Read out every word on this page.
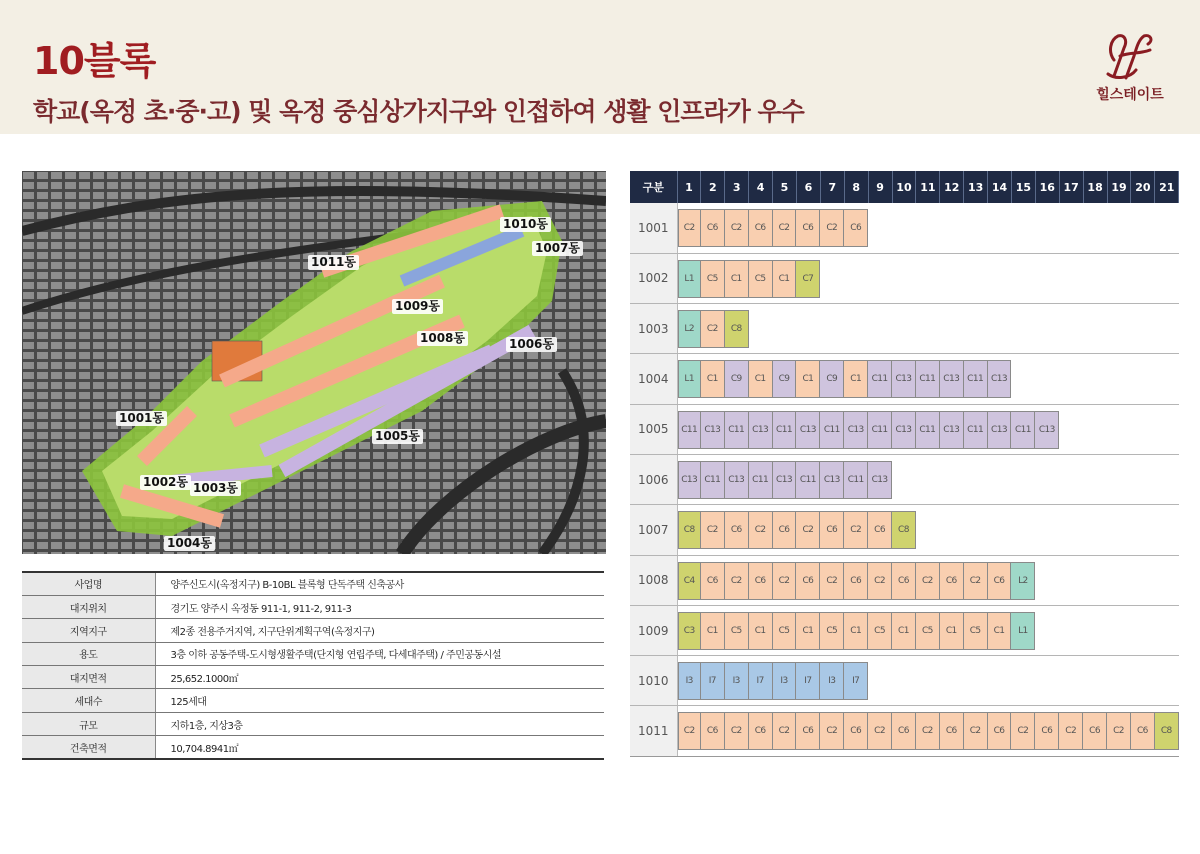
10블록
학교(옥정 초·중·고) 및 옥정 중심상가지구와 인접하여 생활 인프라가 우수
힐스테이트
1010동
1007동
1011동
1009동
1008동	1006동
1001동
1005동
1002동 1003동
1004동
사업명	양주신도시(옥정지구) B-10BL 블록형 단독주택 신축공사
대지위치	경기도 양주시 옥정동 911-1, 911-2, 911-3
지역지구	제2종 전용주거지역, 지구단위계획구역(옥정지구)
용도	3층 이하 공동주택-도시형생활주택(단지형 연립주택, 다세대주택) / 주민공동시설
대지면적	25,652.1000㎡
세대수	125세대
규모	지하1층, 지상3층
건축면적	10,704.8941㎡
구분	1	2	3	4	5	6	7	8	9	10	11	12	13	14	15	16	17	18	19	20	21
1001	C2	C6	C2	C6	C2	C6	C2	C6													

1002	L1	C5	C1	C5	C1	C7															

1003	L2	C2	C8																		

1004	L1	C1	C9	C1	C9	C1	C9	C1	C11	C13	C11	C13	C11	C13							

1005	C11	C13	C11	C13	C11	C13	C11	C13	C11	C13	C11	C13	C11	C13	C11	C13					

1006	C13	C11	C13	C11	C13	C11	C13	C11	C13												

1007	C8	C2	C6	C2	C6	C2	C6	C2	C6	C8											

1008	C4	C6	C2	C6	C2	C6	C2	C6	C2	C6	C2	C6	C2	C6	L2						

1009	C3	C1	C5	C1	C5	C1	C5	C1	C5	C1	C5	C1	C5	C1	L1						

1010	I3	I7	I3	I7	I3	I7	I3	I7													

1011	C2	C6	C2	C6	C2	C6	C2	C6	C2	C6	C2	C6	C2	C6	C2	C6	C2	C6	C2	C6	C8
